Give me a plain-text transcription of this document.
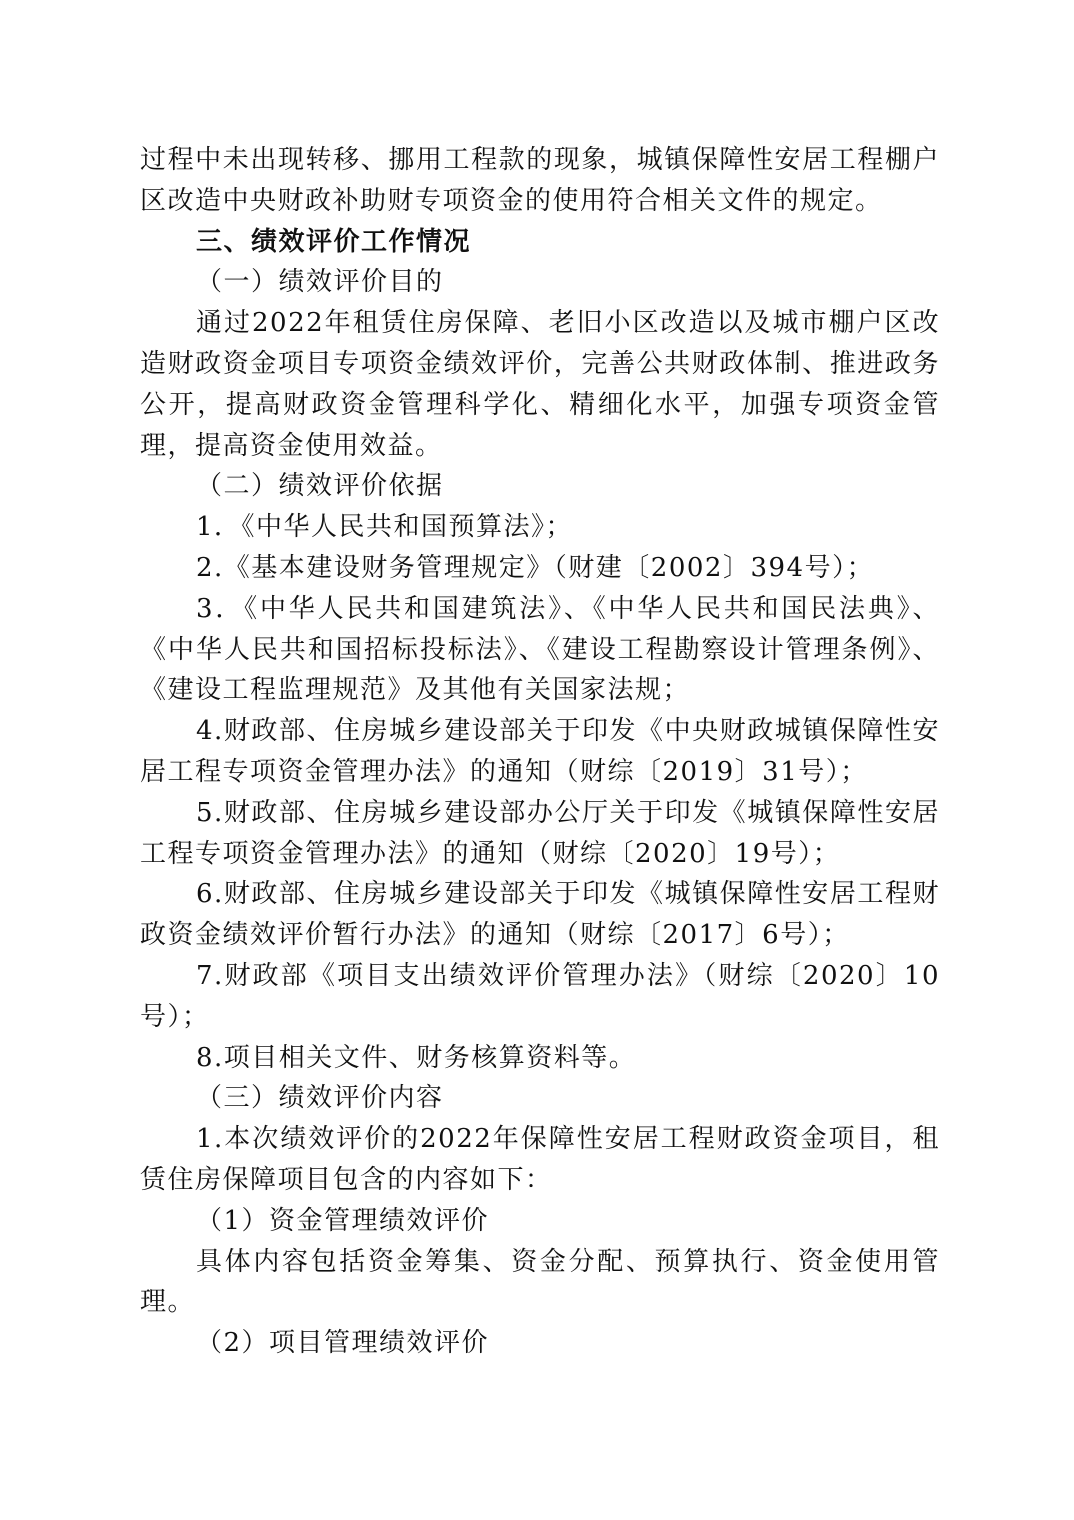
过程中未出现转移、挪用工程款的现象，城镇保障性安居工程棚户区改造中央财政补助财专项资金的使用符合相关文件的规定。

三、绩效评价工作情况

（一）绩效评价目的

通过2022年租赁住房保障、老旧小区改造以及城市棚户区改造财政资金项目专项资金绩效评价，完善公共财政体制、推进政务公开，提高财政资金管理科学化、精细化水平，加强专项资金管理，提高资金使用效益。

（二）绩效评价依据

1．《中华人民共和国预算法》；

2.《基本建设财务管理规定》（财建〔2002〕394号）；

3．《中华人民共和国建筑法》、《中华人民共和国民法典》、《中华人民共和国招标投标法》、《建设工程勘察设计管理条例》、《建设工程监理规范》及其他有关国家法规；

4.财政部、住房城乡建设部关于印发《中央财政城镇保障性安居工程专项资金管理办法》的通知（财综〔2019〕31号）；

5.财政部、住房城乡建设部办公厅关于印发《城镇保障性安居工程专项资金管理办法》的通知（财综〔2020〕19号）；

6.财政部、住房城乡建设部关于印发《城镇保障性安居工程财政资金绩效评价暂行办法》的通知（财综〔2017〕6号）；

7.财政部《项目支出绩效评价管理办法》（财综〔2020〕10号）；

8.项目相关文件、财务核算资料等。

（三）绩效评价内容

1.本次绩效评价的2022年保障性安居工程财政资金项目，租赁住房保障项目包含的内容如下：

（1）资金管理绩效评价

具体内容包括资金筹集、资金分配、预算执行、资金使用管理。

（2）项目管理绩效评价
